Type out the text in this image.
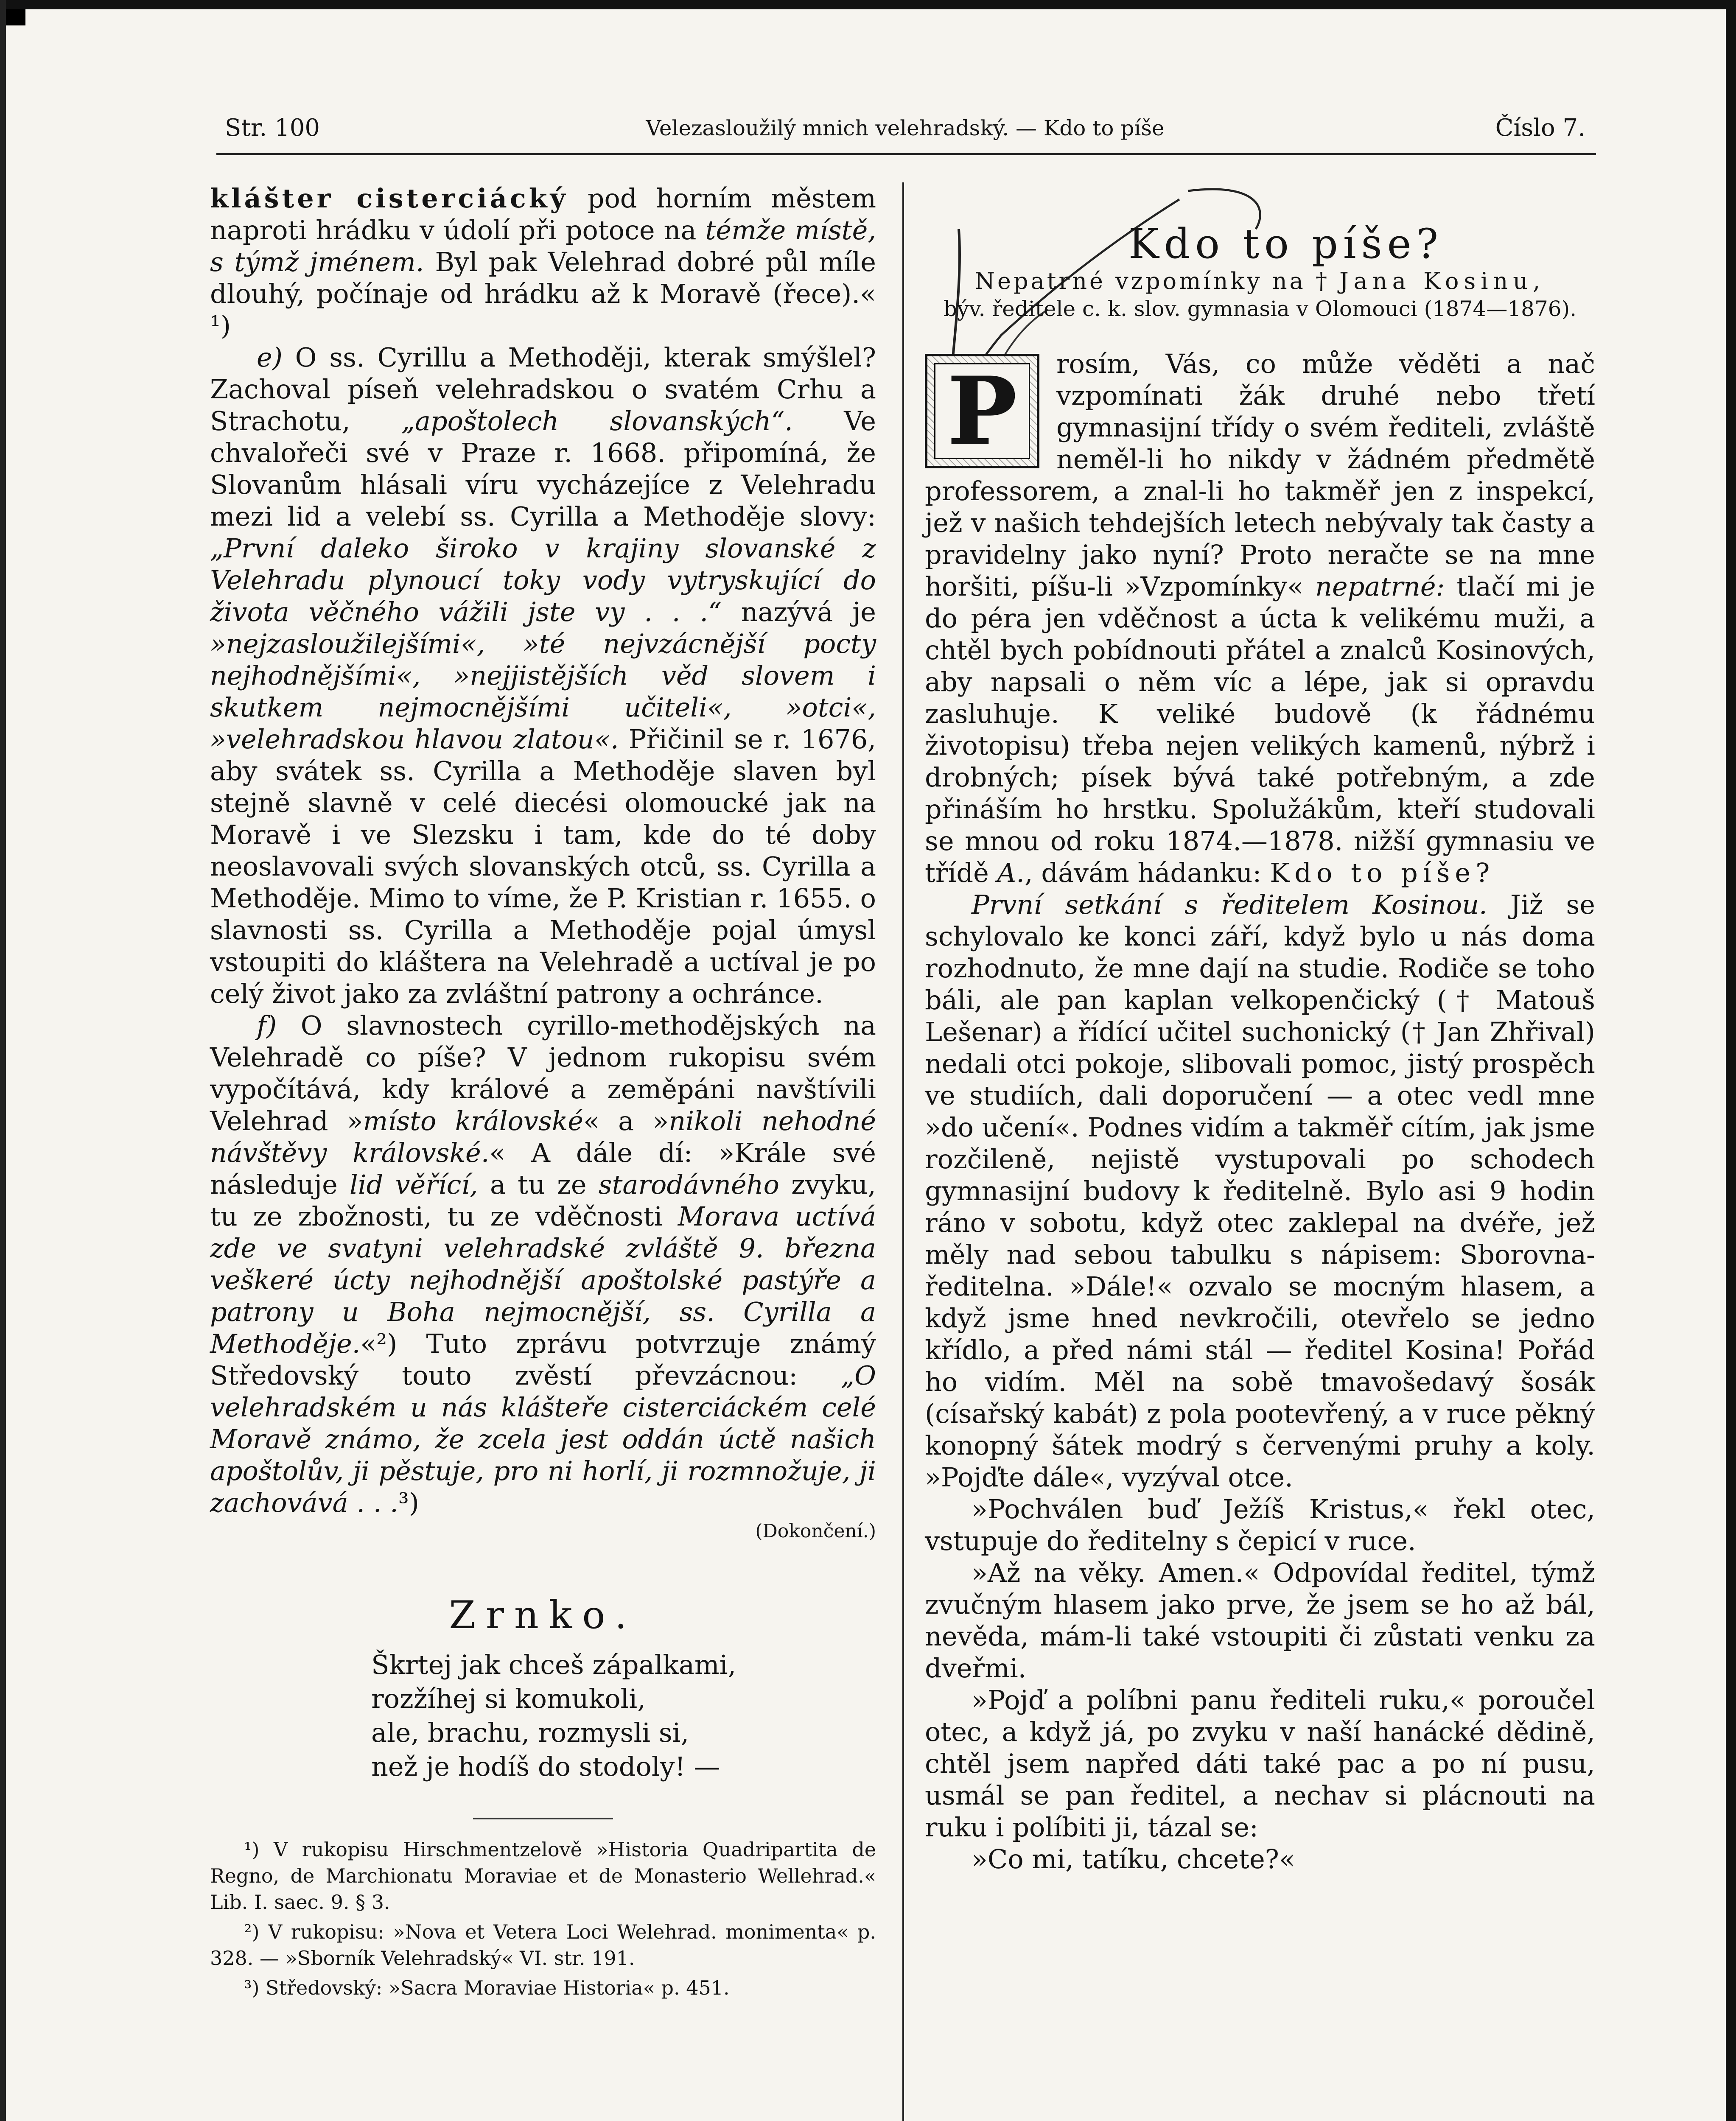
Str. 100	Velezasloužilý mnich velehradský. — Kdo to píše	Číslo 7.

klášter cisterciácký pod horním městem naproti hrádku v údolí při potoce na témže místě, s týmž jménem. Byl pak Velehrad dobré půl míle dlouhý, počínaje od hrádku až k Moravě (řece).« ¹)

e) O ss. Cyrillu a Methoději, kterak smýšlel? Zachoval píseň velehradskou o svatém Crhu a Strachotu, „apoštolech slovanských“. Ve chvalořeči své v Praze r. 1668. připomíná, že Slovanům hlásali víru vycházejíce z Velehradu mezi lid a velebí ss. Cyrilla a Methoděje slovy: „První daleko široko v krajiny slovanské z Velehradu plynoucí toky vody vytryskující do života věčného vážili jste vy . . .“ nazývá je »nejzasloužilejšími«, »té nejvzácnější pocty nejhodnějšími«, »nejjistějších věd slovem i skutkem nejmocnějšími učiteli«, »otci«, »velehradskou hlavou zlatou«. Přičinil se r. 1676, aby svátek ss. Cyrilla a Methoděje slaven byl stejně slavně v celé diecési olomoucké jak na Moravě i ve Slezsku i tam, kde do té doby neoslavovali svých slovanských otců, ss. Cyrilla a Methoděje. Mimo to víme, že P. Kristian r. 1655. o slavnosti ss. Cyrilla a Methoděje pojal úmysl vstoupiti do kláštera na Velehradě a uctíval je po celý život jako za zvláštní patrony a ochránce.

f) O slavnostech cyrillo-methodějských na Velehradě co píše? V jednom rukopisu svém vypočítává, kdy králové a zeměpáni navštívili Velehrad »místo královské« a »nikoli nehodné návštěvy královské.« A dále dí: »Krále své následuje lid věřící, a tu ze starodávného zvyku, tu ze zbožnosti, tu ze vděčnosti Morava uctívá zde ve svatyni velehradské zvláště 9. března veškeré úcty nejhodnější apoštolské pastýře a patrony u Boha nejmocnější, ss. Cyrilla a Methoděje.«²) Tuto zprávu potvrzuje známý Středovský touto zvěstí převzácnou: „O velehradském u nás klášteře cisterciáckém celé Moravě známo, že zcela jest oddán úctě našich apoštolův, ji pěstuje, pro ni horlí, ji rozmnožuje, ji zachovává . . .³)

(Dokončení.)

Zrnko.
Škrtej jak chceš zápalkami,
rozžíhej si komukoli,
ale, brachu, rozmysli si,
než je hodíš do stodoly! —

¹) V rukopisu Hirschmentzelově »Historia Quadripartita de Regno, de Marchionatu Moraviae et de Monasterio Wellehrad.« Lib. I. saec. 9. § 3.

²) V rukopisu: »Nova et Vetera Loci Welehrad. monimenta« p. 328. — »Sborník Velehradský« VI. str. 191.

³) Středovský: »Sacra Moraviae Historia« p. 451.

Kdo to píše?
Nepatrné vzpomínky na † Jana Kosinu,
býv. ředitele c. k. slov. gymnasia v Olomouci (1874—1876).

P	rosím, Vás, co může věděti a nač vzpomínati žák druhé nebo třetí gymnasijní třídy o svém řediteli, zvláště neměl-li ho nikdy v žádném předmětě professorem, a znal-li ho takměř jen z inspekcí, jež v našich tehdejších letech nebývaly tak časty a pravidelny jako nyní? Proto neračte se na mne horšiti, píšu-li »Vzpomínky« nepatrné: tlačí mi je do péra jen vděčnost a úcta k velikému muži, a chtěl bych pobídnouti přátel a znalců Kosinových, aby napsali o něm víc a lépe, jak si opravdu zasluhuje. K veliké budově (k řádnému životopisu) třeba nejen velikých kamenů, nýbrž i drobných; písek bývá také potřebným, a zde přináším ho hrstku. Spolužákům, kteří studovali se mnou od roku 1874.—1878. nižší gymnasiu ve třídě A., dávám hádanku: Kdo to píše?

První setkání s ředitelem Kosinou. Již se schylovalo ke konci září, když bylo u nás doma rozhodnuto, že mne dají na studie. Rodiče se toho báli, ale pan kaplan velkopenčický († Matouš Lešenar) a řídící učitel suchonický († Jan Zhřival) nedali otci pokoje, slibovali pomoc, jistý prospěch ve studiích, dali doporučení — a otec vedl mne »do učení«. Podnes vidím a takměř cítím, jak jsme rozčileně, nejistě vystupovali po schodech gymnasijní budovy k ředitelně. Bylo asi 9 hodin ráno v sobotu, když otec zaklepal na dvéře, jež měly nad sebou tabulku s nápisem: Sborovna-ředitelna. »Dále!« ozvalo se mocným hlasem, a když jsme hned nevkročili, otevřelo se jedno křídlo, a před námi stál — ředitel Kosina! Pořád ho vidím. Měl na sobě tmavošedavý šosák (císařský kabát) z pola pootevřený, a v ruce pěkný konopný šátek modrý s červenými pruhy a koly. »Pojďte dále«, vyzýval otce.

»Pochválen buď Ježíš Kristus,« řekl otec, vstupuje do ředitelny s čepicí v ruce.

»Až na věky. Amen.« Odpovídal ředitel, týmž zvučným hlasem jako prve, že jsem se ho až bál, nevěda, mám-li také vstoupiti či zůstati venku za dveřmi.

»Pojď a políbni panu řediteli ruku,« poroučel otec, a když já, po zvyku v naší hanácké dědině, chtěl jsem napřed dáti také pac a po ní pusu, usmál se pan ředitel, a nechav si plácnouti na ruku i políbiti ji, tázal se:

»Co mi, tatíku, chcete?«
